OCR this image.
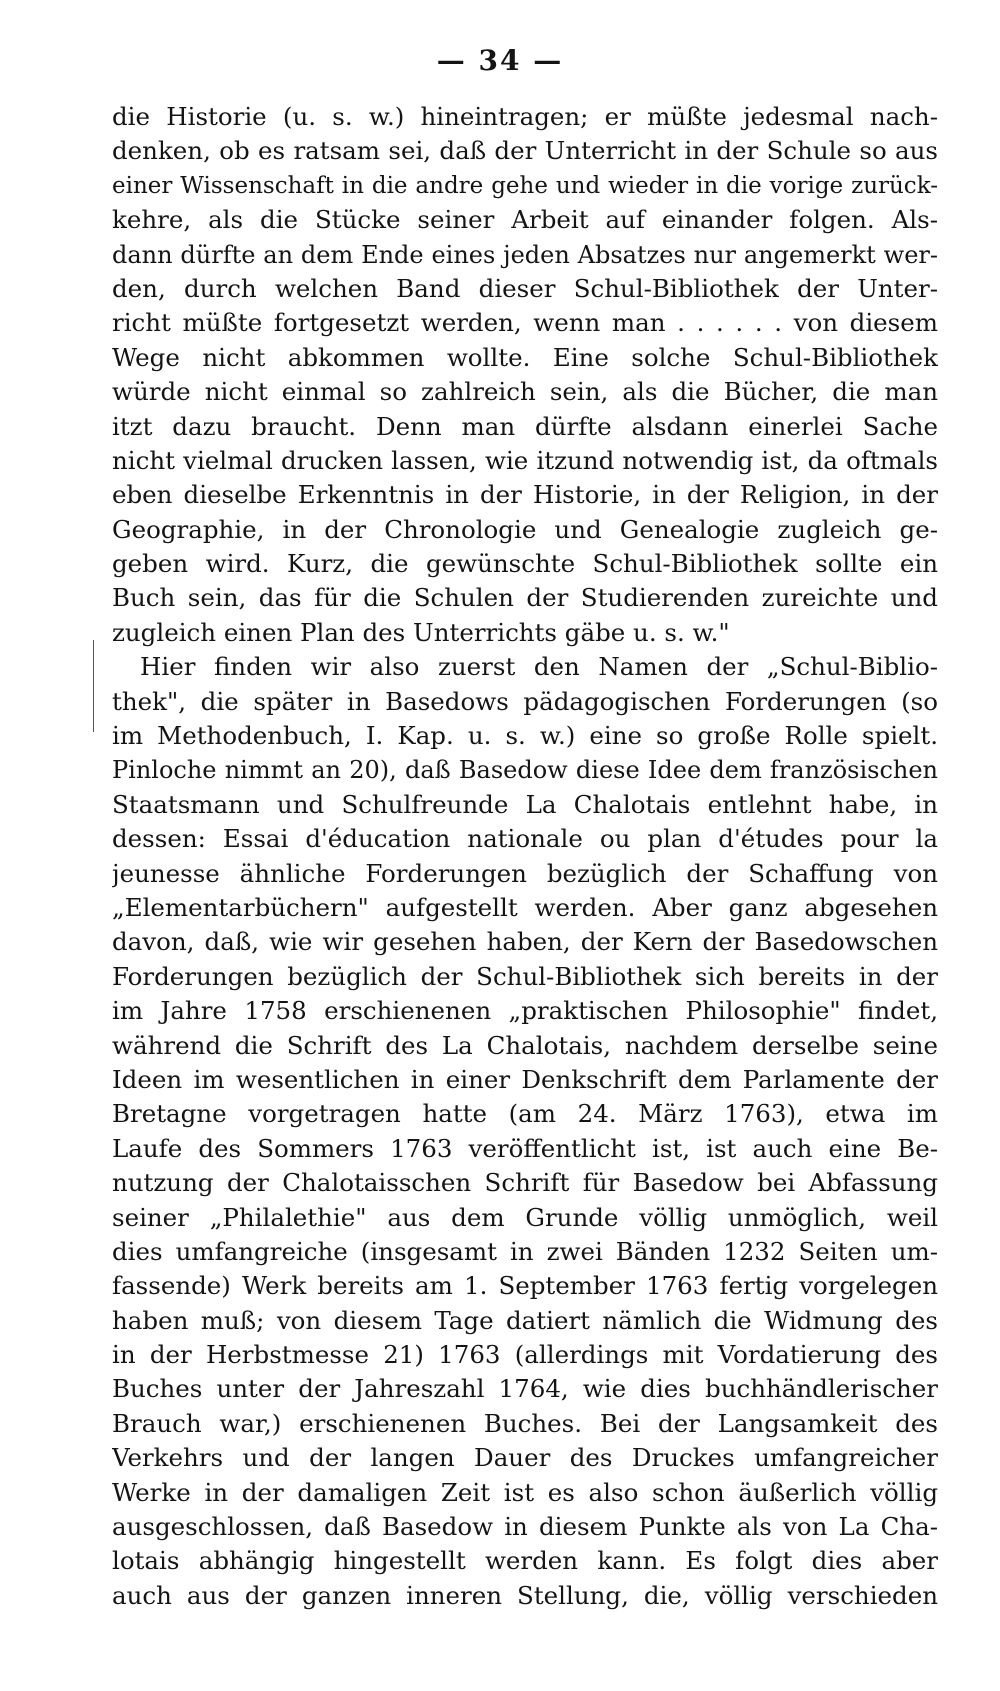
— 34 —
die Historie (u. s. w.) hineintragen; er müßte jedesmal nach-
denken, ob es ratsam sei, daß der Unterricht in der Schule so aus
einer Wissenschaft in die andre gehe und wieder in die vorige zurück-
kehre, als die Stücke seiner Arbeit auf einander folgen. Als-
dann dürfte an dem Ende eines jeden Absatzes nur angemerkt wer-
den, durch welchen Band dieser Schul-Bibliothek der Unter-
richt müßte fortgesetzt werden, wenn man . . . . . . von diesem
Wege nicht abkommen wollte. Eine solche Schul-Bibliothek
würde nicht einmal so zahlreich sein, als die Bücher, die man
itzt dazu braucht. Denn man dürfte alsdann einerlei Sache
nicht vielmal drucken lassen, wie itzund notwendig ist, da oftmals
eben dieselbe Erkenntnis in der Historie, in der Religion, in der
Geographie, in der Chronologie und Genealogie zugleich ge-
geben wird. Kurz, die gewünschte Schul-Bibliothek sollte ein
Buch sein, das für die Schulen der Studierenden zureichte und
zugleich einen Plan des Unterrichts gäbe u. s. w."
Hier finden wir also zuerst den Namen der „Schul-Biblio-
thek", die später in Basedows pädagogischen Forderungen (so
im Methodenbuch, I. Kap. u. s. w.) eine so große Rolle spielt.
Pinloche nimmt an 20), daß Basedow diese Idee dem französischen
Staatsmann und Schulfreunde La Chalotais entlehnt habe, in
dessen: Essai d'éducation nationale ou plan d'études pour la
jeunesse ähnliche Forderungen bezüglich der Schaffung von
„Elementarbüchern" aufgestellt werden. Aber ganz abgesehen
davon, daß, wie wir gesehen haben, der Kern der Basedowschen
Forderungen bezüglich der Schul-Bibliothek sich bereits in der
im Jahre 1758 erschienenen „praktischen Philosophie" findet,
während die Schrift des La Chalotais, nachdem derselbe seine
Ideen im wesentlichen in einer Denkschrift dem Parlamente der
Bretagne vorgetragen hatte (am 24. März 1763), etwa im
Laufe des Sommers 1763 veröffentlicht ist, ist auch eine Be-
nutzung der Chalotaisschen Schrift für Basedow bei Abfassung
seiner „Philalethie" aus dem Grunde völlig unmöglich, weil
dies umfangreiche (insgesamt in zwei Bänden 1232 Seiten um-
fassende) Werk bereits am 1. September 1763 fertig vorgelegen
haben muß; von diesem Tage datiert nämlich die Widmung des
in der Herbstmesse 21) 1763 (allerdings mit Vordatierung des
Buches unter der Jahreszahl 1764, wie dies buchhändlerischer
Brauch war,) erschienenen Buches. Bei der Langsamkeit des
Verkehrs und der langen Dauer des Druckes umfangreicher
Werke in der damaligen Zeit ist es also schon äußerlich völlig
ausgeschlossen, daß Basedow in diesem Punkte als von La Cha-
lotais abhängig hingestellt werden kann. Es folgt dies aber
auch aus der ganzen inneren Stellung, die, völlig verschieden
